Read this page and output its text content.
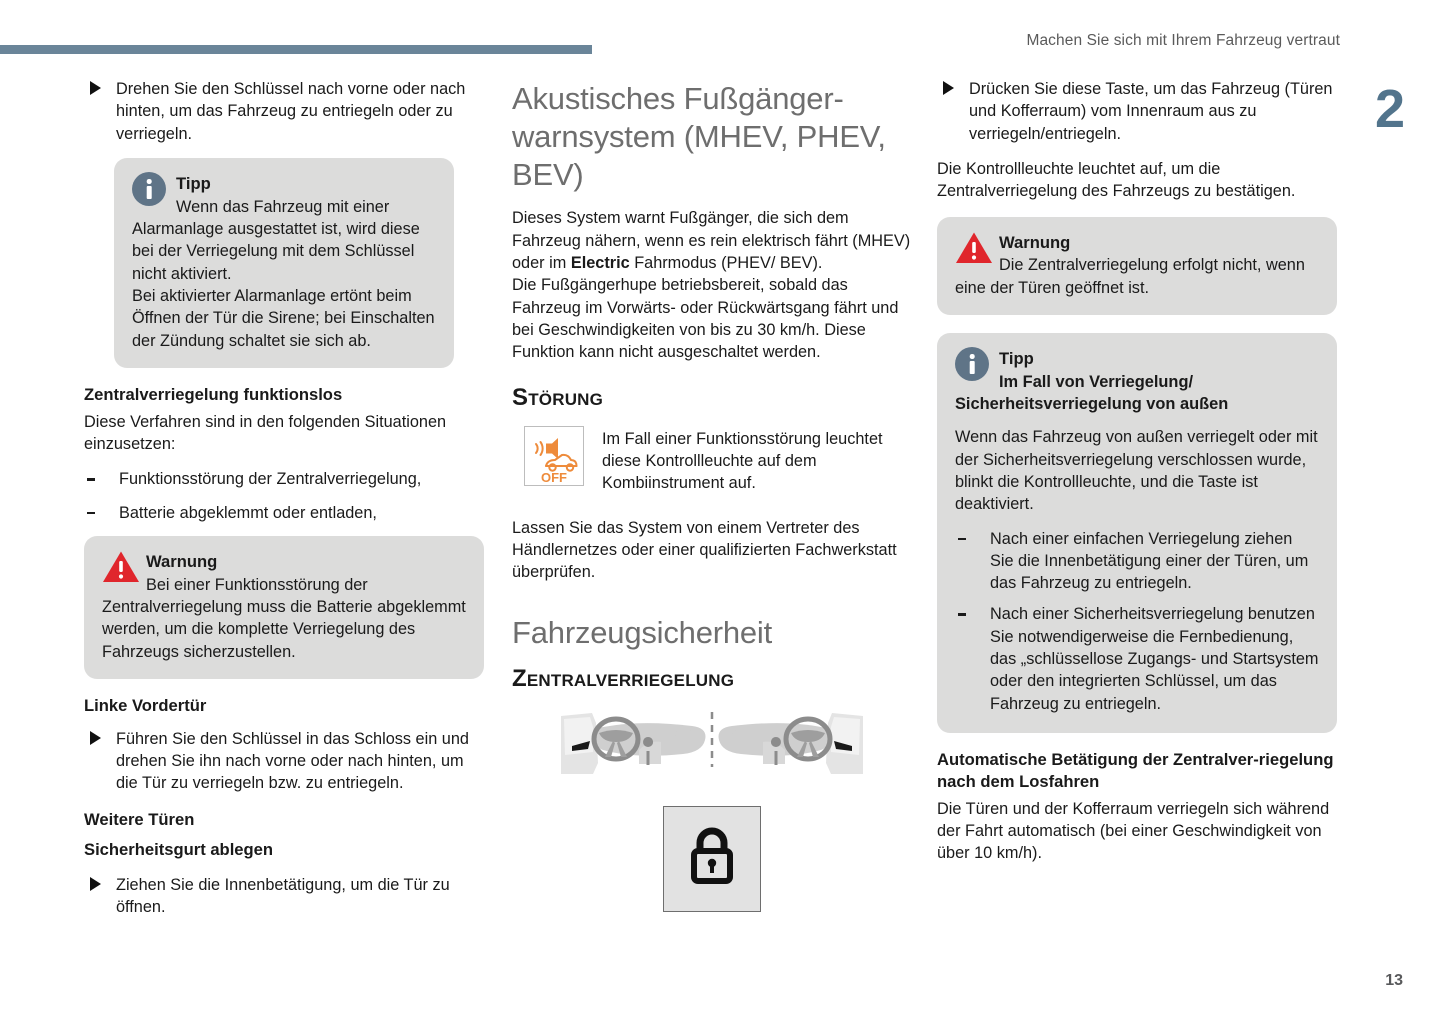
Machen Sie sich mit Ihrem Fahrzeug vertraut
2
13
Drehen Sie den Schlüssel nach vorne oder nach hinten, um das Fahrzeug zu entriegeln oder zu verriegeln.
Tipp
Wenn das Fahrzeug mit einer Alarmanlage ausgestattet ist, wird diese bei der Verriegelung mit dem Schlüssel nicht aktiviert.
Bei aktivierter Alarmanlage ertönt beim Öffnen der Tür die Sirene; bei Einschalten der Zündung schaltet sie sich ab.
Zentralverriegelung funktionslos

Diese Verfahren sind in den folgenden Situationen einzusetzen:

Funktionsstörung der Zentralverriegelung,
Batterie abgeklemmt oder entladen,
Warnung
Bei einer Funktionsstörung der Zentralverriegelung muss die Batterie abgeklemmt werden, um die komplette Verriegelung des Fahrzeugs sicherzustellen.
Linke Vordertür
Führen Sie den Schlüssel in das Schloss ein und drehen Sie ihn nach vorne oder nach hinten, um die Tür zu verriegeln bzw. zu entriegeln.
Weitere Türen
Sicherheitsgurt ablegen
Ziehen Sie die Innenbetätigung, um die Tür zu öffnen.
Akustisches Fußgänger-warnsystem (MHEV, PHEV, BEV)

Dieses System warnt Fußgänger, die sich dem Fahrzeug nähern, wenn es rein elektrisch fährt (MHEV) oder im Electric Fahrmodus (PHEV/ BEV).

Die Fußgängerhupe betriebsbereit, sobald das Fahrzeug im Vorwärts- oder Rückwärtsgang fährt und bei Geschwindigkeiten von bis zu 30 km/h. Diese Funktion kann nicht ausgeschaltet werden.

Störung
OFF
Im Fall einer Funktionsstörung leuchtet diese Kontrollleuchte auf dem Kombiinstrument auf.

Lassen Sie das System von einem Vertreter des Händlernetzes oder einer qualifizierten Fachwerkstatt überprüfen.

Fahrzeugsicherheit
Zentralverriegelung
Drücken Sie diese Taste, um das Fahrzeug (Türen und Kofferraum) vom Innenraum aus zu verriegeln/entriegeln.

Die Kontrollleuchte leuchtet auf, um die Zentralverriegelung des Fahrzeugs zu bestätigen.

Warnung
Die Zentralverriegelung erfolgt nicht, wenn eine der Türen geöffnet ist.
Tipp
Im Fall von Verriegelung/ Sicherheitsverriegelung von außen
Wenn das Fahrzeug von außen verriegelt oder mit der Sicherheitsverriegelung verschlossen wurde, blinkt die Kontrollleuchte, und die Taste ist deaktiviert.
Nach einer einfachen Verriegelung ziehen Sie die Innenbetätigung einer der Türen, um das Fahrzeug zu entriegeln.
Nach einer Sicherheitsverriegelung benutzen Sie notwendigerweise die Fernbedienung, das „schlüssellose Zugangs- und Startsystem oder den integrierten Schlüssel, um das Fahrzeug zu entriegeln.
Automatische Betätigung der Zentralver-riegelung nach dem Losfahren

Die Türen und der Kofferraum verriegeln sich während der Fahrt automatisch (bei einer Geschwindigkeit von über 10 km/h).
